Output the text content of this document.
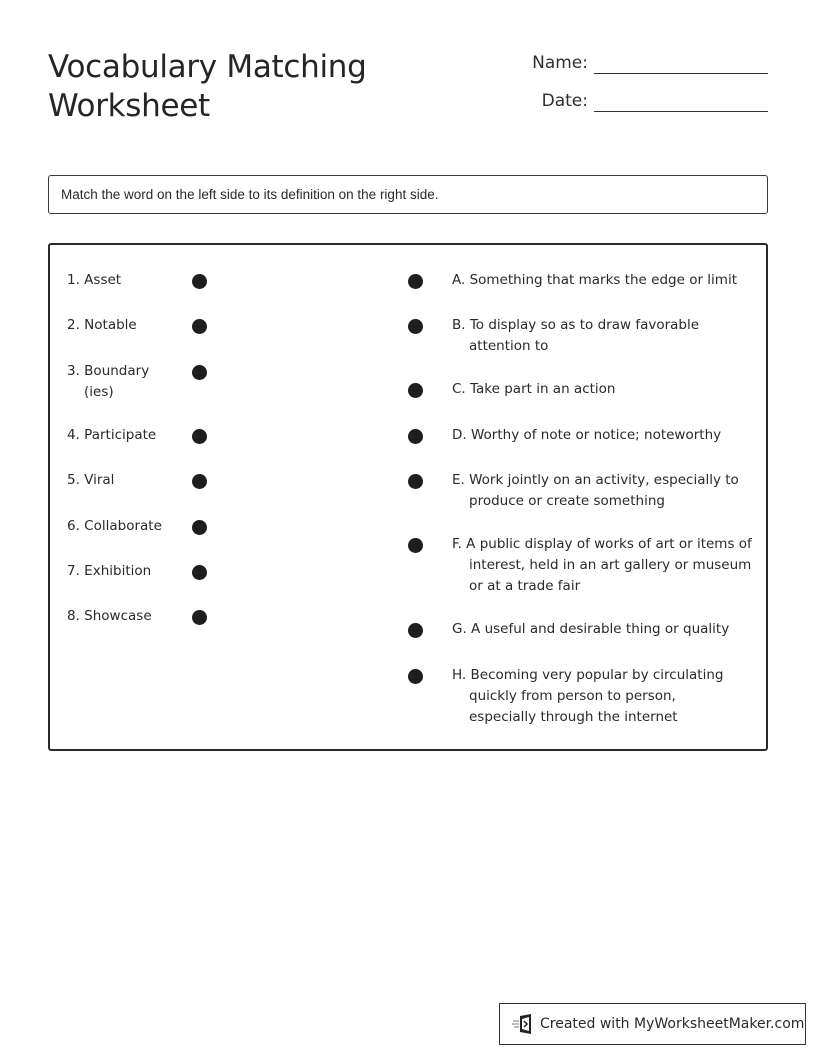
Vocabulary Matching Worksheet
Name:
Date:
Match the word on the left side to its definition on the right side.
1. Asset
2. Notable
3. Boundary (ies)
4. Participate
5. Viral
6. Collaborate
7. Exhibition
8. Showcase
A. Something that marks the edge or limit
B. To display so as to draw favorable attention to
C. Take part in an action
D. Worthy of note or notice; noteworthy
E. Work jointly on an activity, especially to produce or create something
F. A public display of works of art or items of interest, held in an art gallery or museum or at a trade fair
G. A useful and desirable thing or quality
H. Becoming very popular by circulating quickly from person to person, especially through the internet
Created with MyWorksheetMaker.com
